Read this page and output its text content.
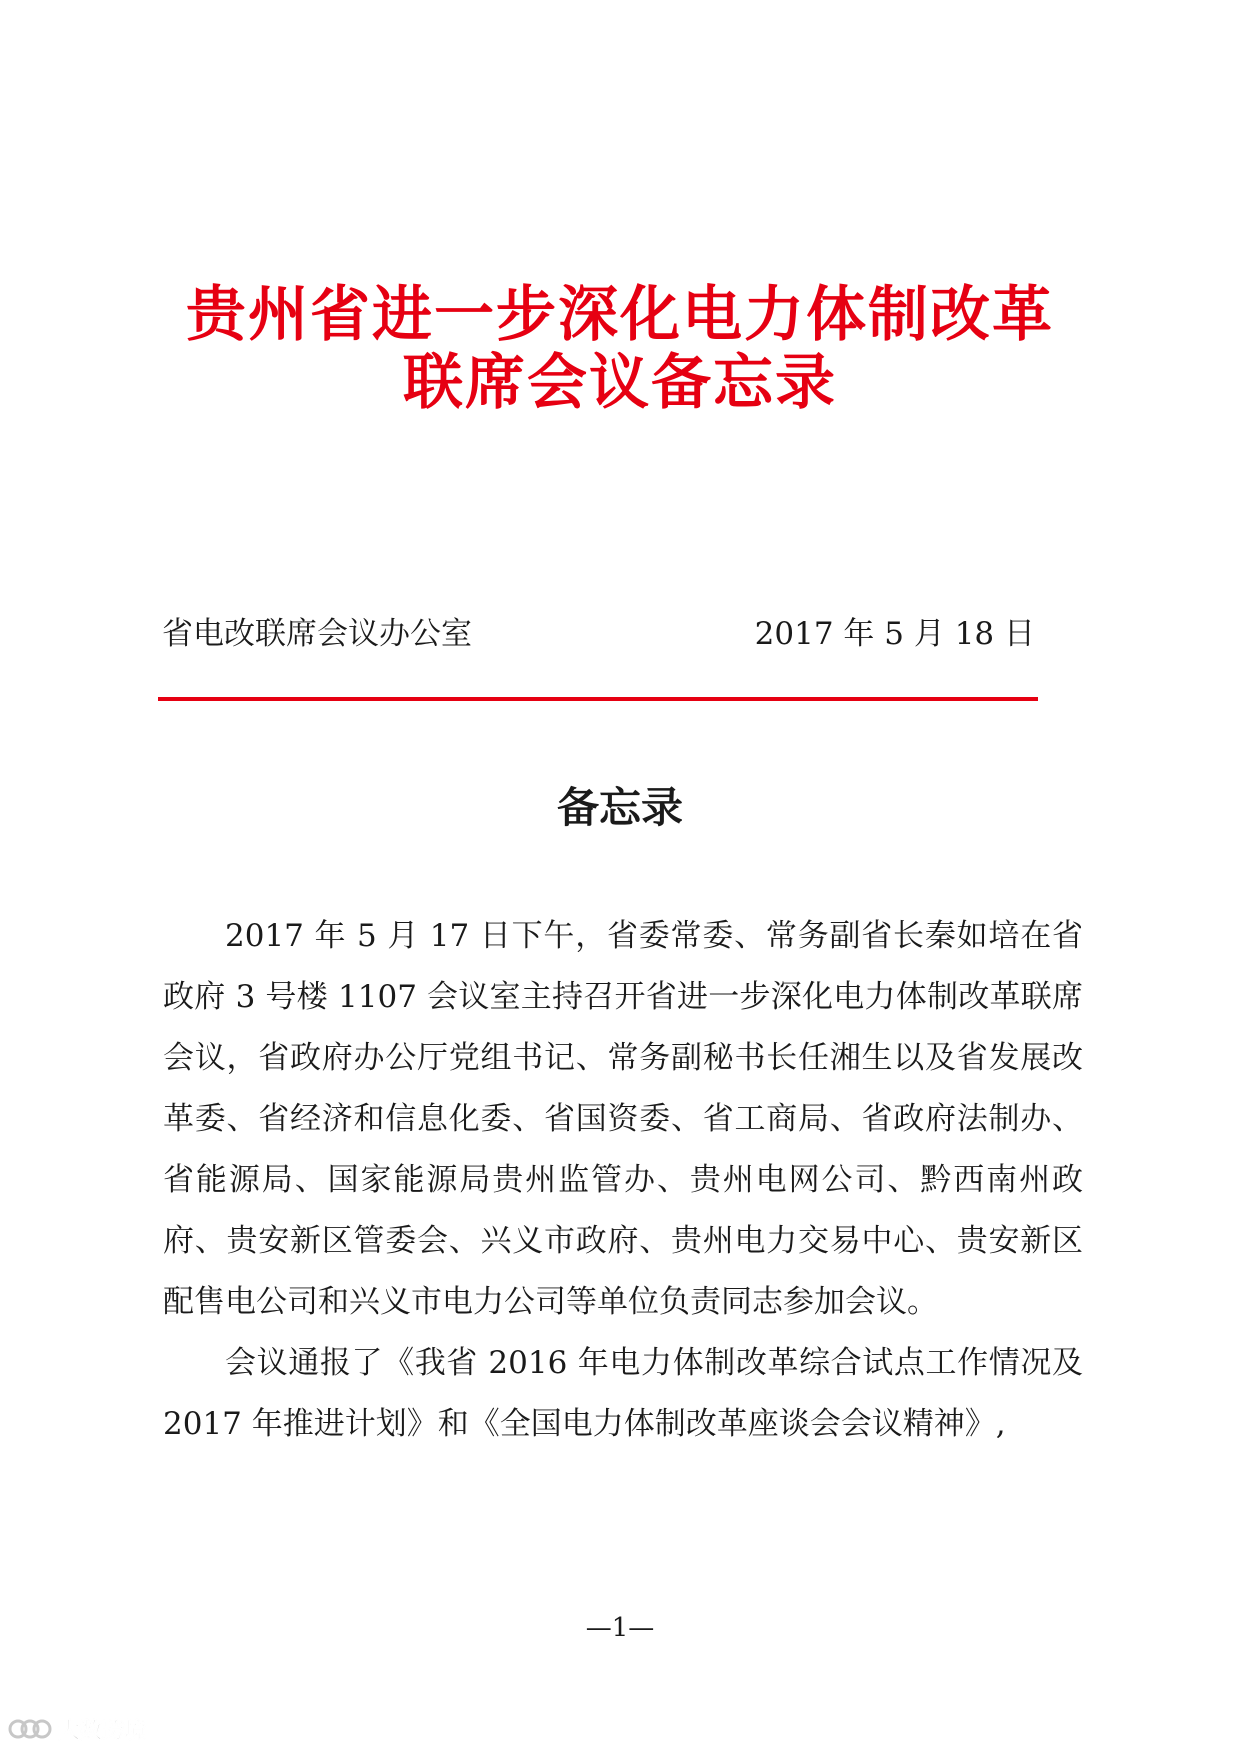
贵州省进一步深化电力体制改革
联席会议备忘录
省电改联席会议办公室	2017 年 5 月 18 日
备忘录

2017 年 5 月 17 日下午，省委常委、常务副省长秦如培在省政府 3 号楼 1107 会议室主持召开省进一步深化电力体制改革联席会议，省政府办公厅党组书记、常务副秘书长任湘生以及省发展改革委、省经济和信息化委、省国资委、省工商局、省政府法制办、省能源局、国家能源局贵州监管办、贵州电网公司、黔西南州政府、贵安新区管委会、兴义市政府、贵州电力交易中心、贵安新区配售电公司和兴义市电力公司等单位负责同志参加会议。

会议通报了《我省 2016 年电力体制改革综合试点工作情况及 2017 年推进计划》和《全国电力体制改革座谈会会议精神》,

—1—
大数跨境
